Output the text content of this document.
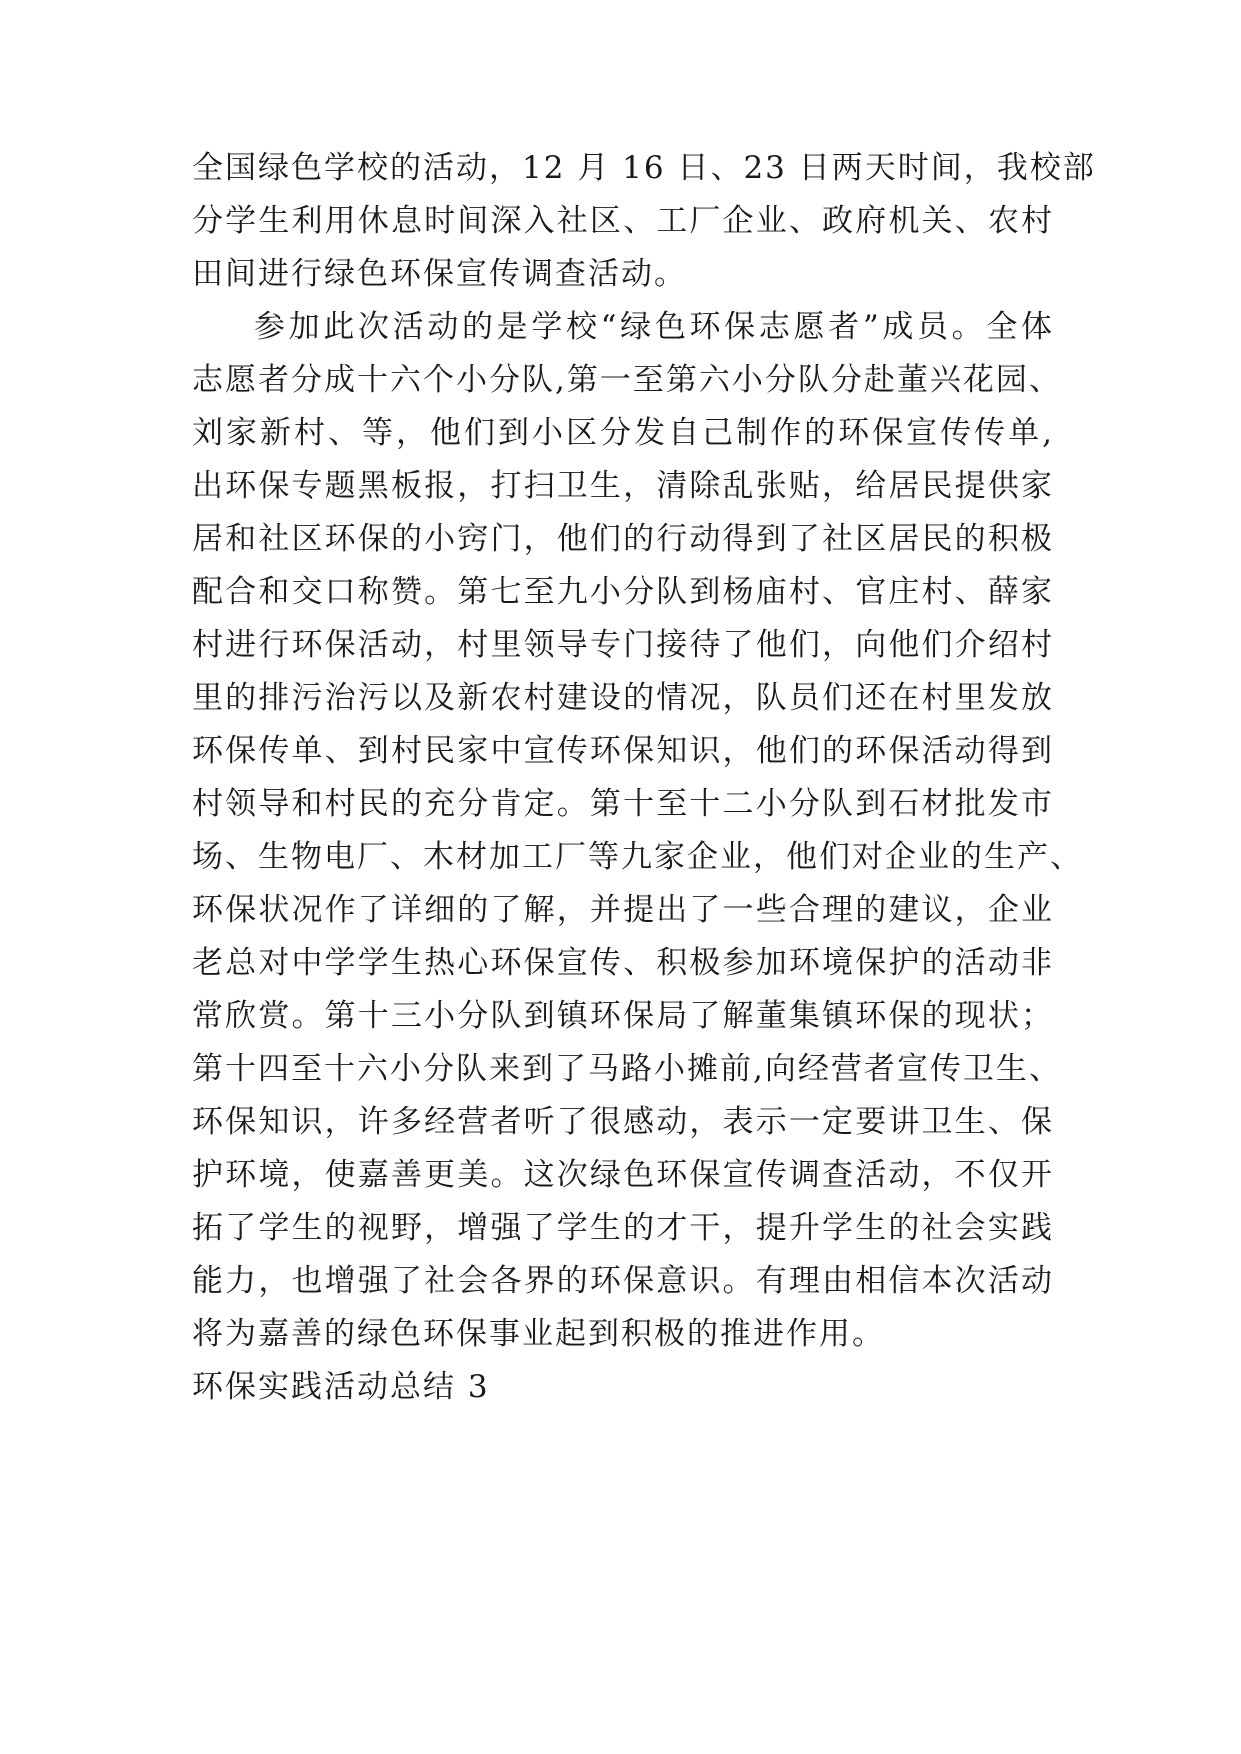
全国绿色学校的活动，12 月 16 日、23 日两天时间，我校部
分学生利用休息时间深入社区、工厂企业、政府机关、农村
田间进行绿色环保宣传调查活动。
参加此次活动的是学校“绿色环保志愿者”成员。全体
志愿者分成十六个小分队,第一至第六小分队分赴董兴花园、
刘家新村、等，他们到小区分发自己制作的环保宣传传单,
出环保专题黑板报，打扫卫生，清除乱张贴，给居民提供家
居和社区环保的小窍门，他们的行动得到了社区居民的积极
配合和交口称赞。第七至九小分队到杨庙村、官庄村、薛家
村进行环保活动，村里领导专门接待了他们，向他们介绍村
里的排污治污以及新农村建设的情况，队员们还在村里发放
环保传单、到村民家中宣传环保知识，他们的环保活动得到
村领导和村民的充分肯定。第十至十二小分队到石材批发市
场、生物电厂、木材加工厂等九家企业，他们对企业的生产、
环保状况作了详细的了解，并提出了一些合理的建议，企业
老总对中学学生热心环保宣传、积极参加环境保护的活动非
常欣赏。第十三小分队到镇环保局了解董集镇环保的现状；
第十四至十六小分队来到了马路小摊前,向经营者宣传卫生、
环保知识，许多经营者听了很感动，表示一定要讲卫生、保
护环境，使嘉善更美。这次绿色环保宣传调查活动，不仅开
拓了学生的视野，增强了学生的才干，提升学生的社会实践
能力，也增强了社会各界的环保意识。有理由相信本次活动
将为嘉善的绿色环保事业起到积极的推进作用。
环保实践活动总结 3
